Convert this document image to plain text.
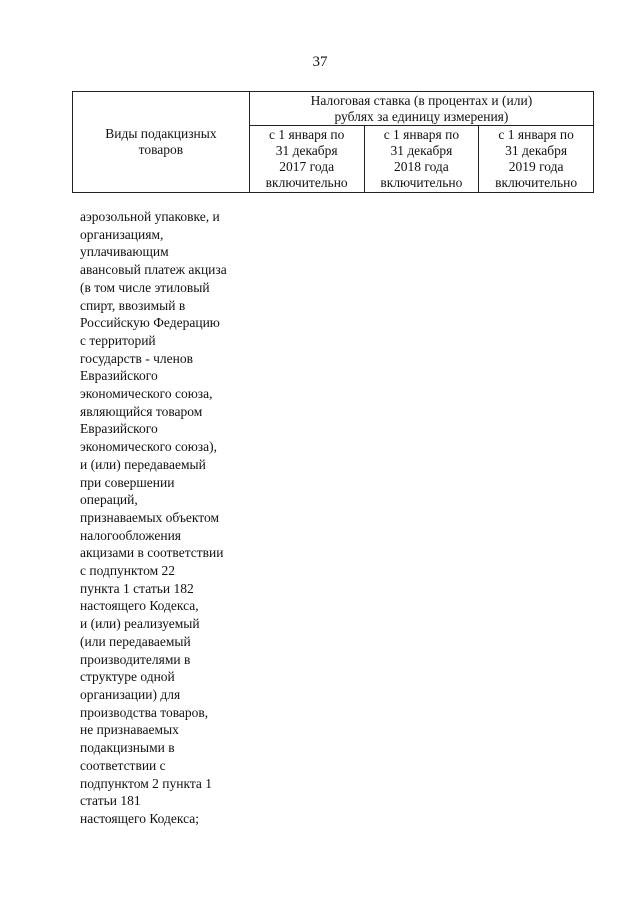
37
Виды подакцизных
товаров	Налоговая ставка (в процентах и (или)
рублях за единицу измерения)		

	с 1 января по
31 декабря
2017 года
включительно	с 1 января по
31 декабря
2018 года
включительно	с 1 января по
31 декабря
2019 года
включительно
аэрозольной упаковке, и
организациям,
уплачивающим
авансовый платеж акциза
(в том числе этиловый
спирт, ввозимый в
Российскую Федерацию
с территорий
государств - членов
Евразийского
экономического союза,
являющийся товаром
Евразийского
экономического союза),
и (или) передаваемый
при совершении
операций,
признаваемых объектом
налогообложения
акцизами в соответствии
с подпунктом 22
пункта 1 статьи 182
настоящего Кодекса,
и (или) реализуемый
(или передаваемый
производителями в
структуре одной
организации) для
производства товаров,
не признаваемых
подакцизными в
соответствии с
подпунктом 2 пункта 1
статьи 181
настоящего Кодекса;
